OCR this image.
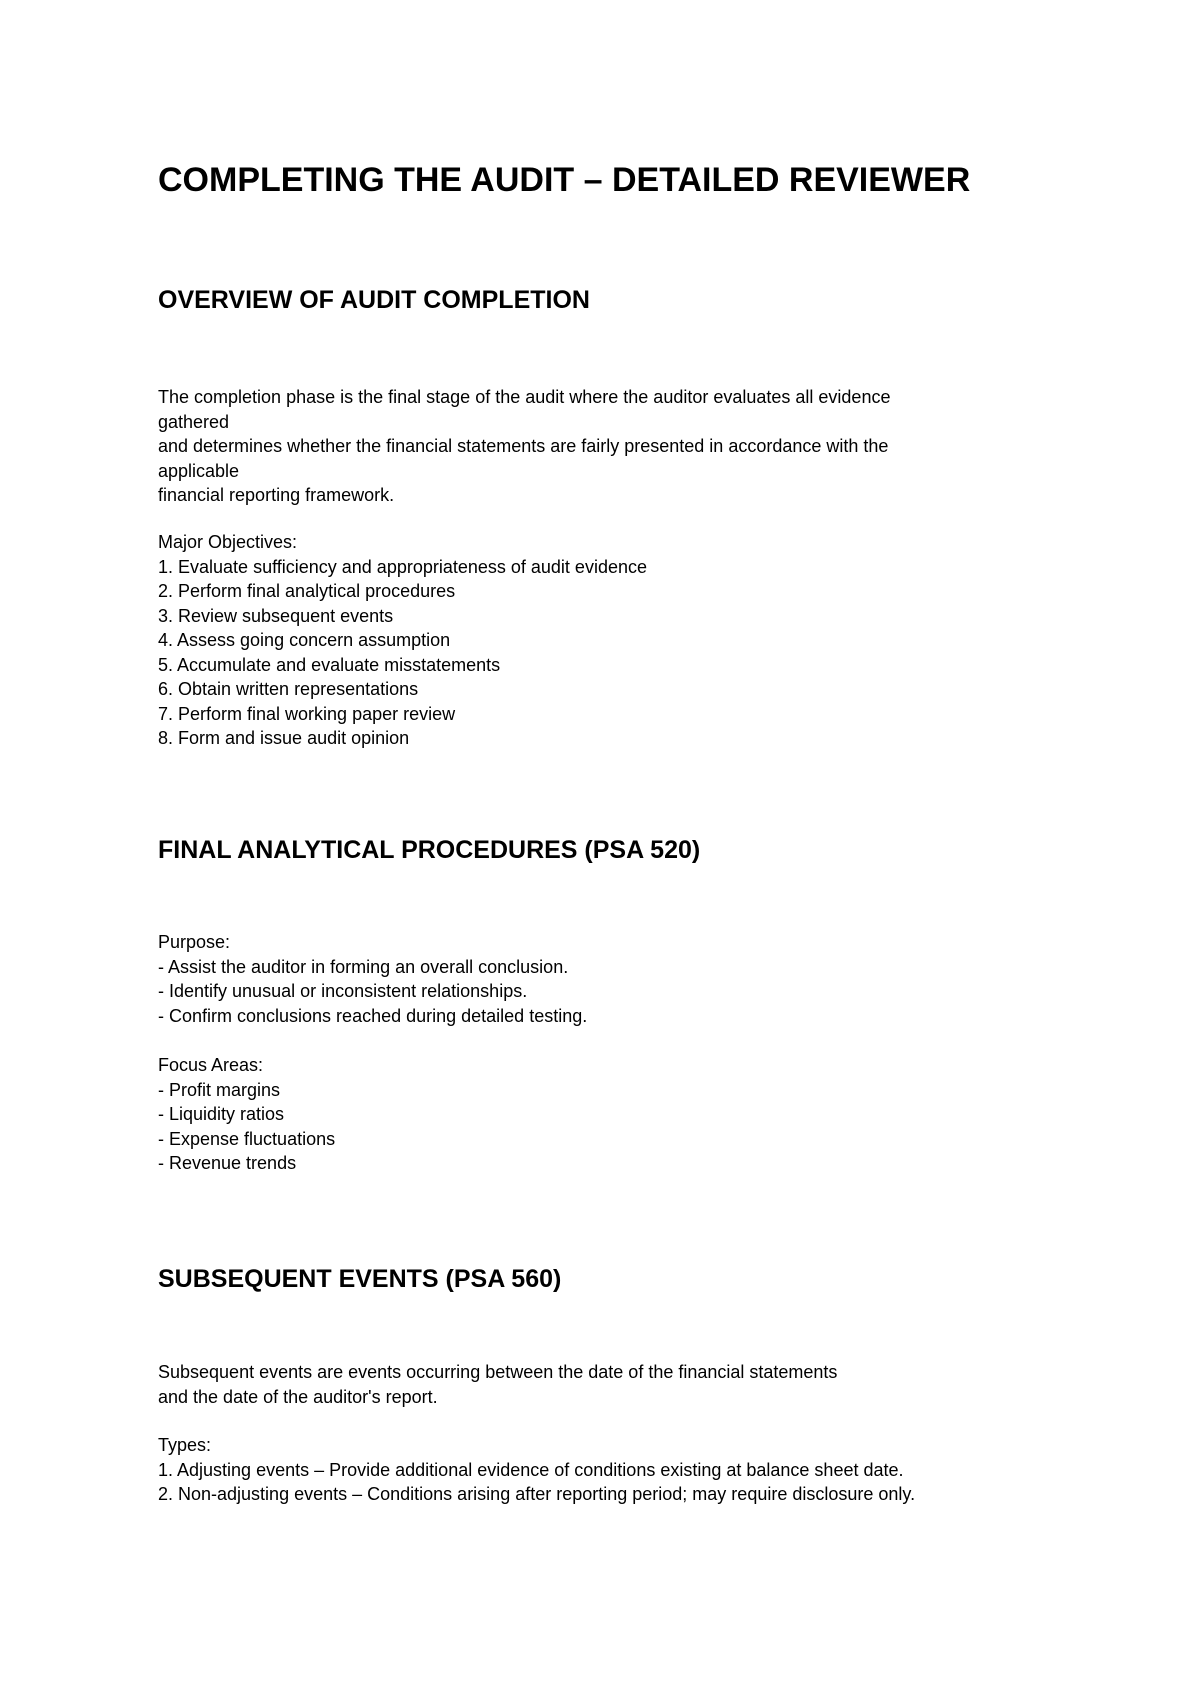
COMPLETING THE AUDIT – DETAILED REVIEWER
OVERVIEW OF AUDIT COMPLETION
The completion phase is the final stage of the audit where the auditor evaluates all evidence
gathered
and determines whether the financial statements are fairly presented in accordance with the
applicable
financial reporting framework.
Major Objectives:
1. Evaluate sufficiency and appropriateness of audit evidence
2. Perform final analytical procedures
3. Review subsequent events
4. Assess going concern assumption
5. Accumulate and evaluate misstatements
6. Obtain written representations
7. Perform final working paper review
8. Form and issue audit opinion
FINAL ANALYTICAL PROCEDURES (PSA 520)
Purpose:
- Assist the auditor in forming an overall conclusion.
- Identify unusual or inconsistent relationships.
- Confirm conclusions reached during detailed testing.
Focus Areas:
- Profit margins
- Liquidity ratios
- Expense fluctuations
- Revenue trends
SUBSEQUENT EVENTS (PSA 560)
Subsequent events are events occurring between the date of the financial statements
and the date of the auditor's report.
Types:
1. Adjusting events – Provide additional evidence of conditions existing at balance sheet date.
2. Non-adjusting events – Conditions arising after reporting period; may require disclosure only.
